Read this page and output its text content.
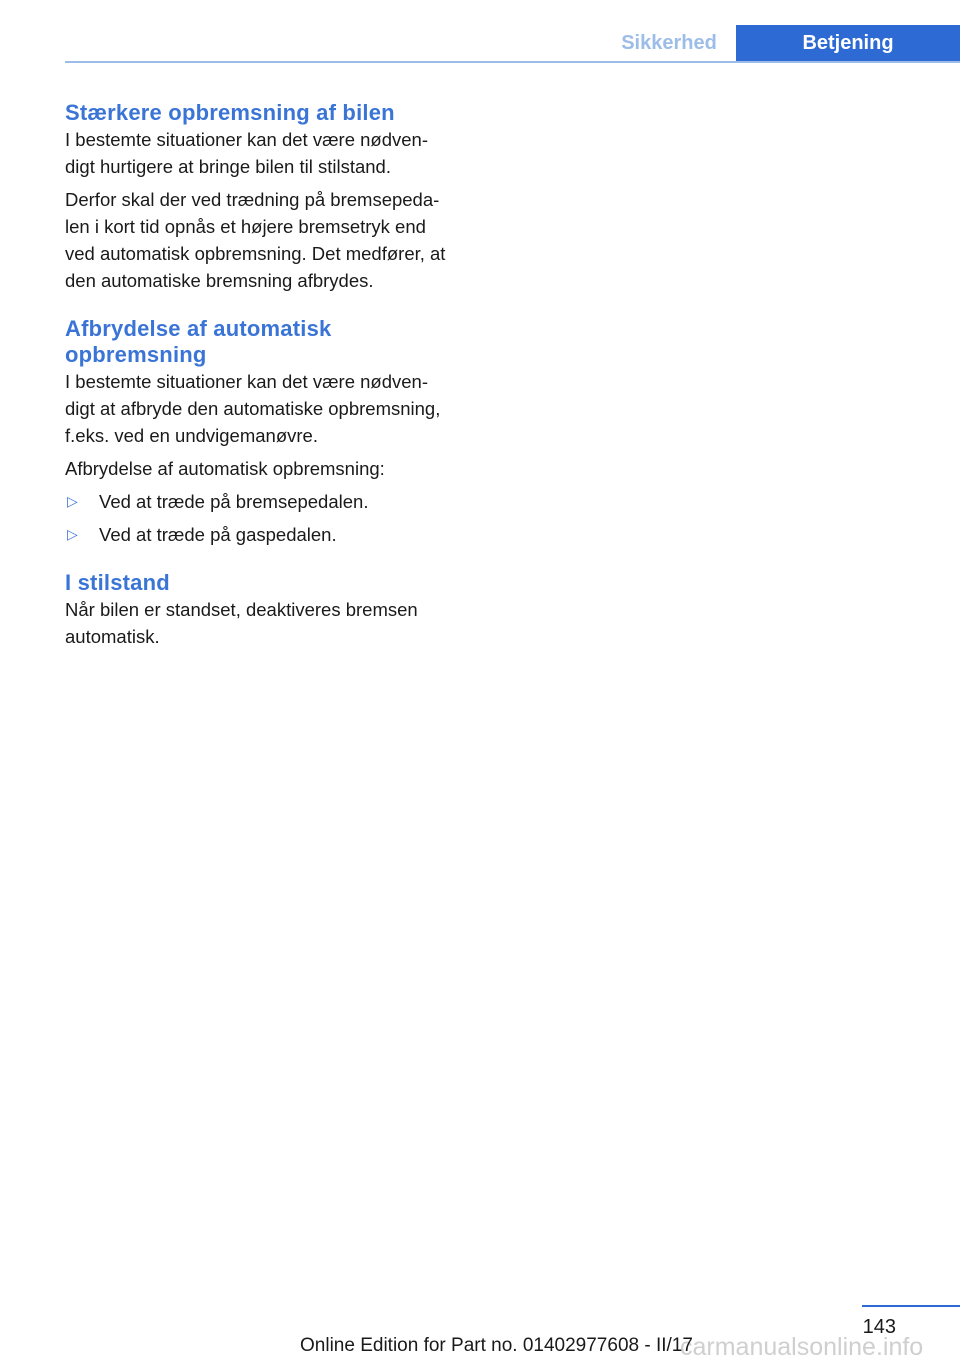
Sikkerhed	Betjening
Stærkere opbremsning af bilen

I bestemte situationer kan det være nødven-
digt hurtigere at bringe bilen til stilstand.

Derfor skal der ved trædning på bremsepeda-
len i kort tid opnås et højere bremsetryk end
ved automatisk opbremsning. Det medfører, at
den automatiske bremsning afbrydes.

Afbrydelse af automatisk
opbremsning

I bestemte situationer kan det være nødven-
digt at afbryde den automatiske opbremsning,
f.eks. ved en undvigemanøvre.

Afbrydelse af automatisk opbremsning:

▷ Ved at træde på bremsepedalen.
▷ Ved at træde på gaspedalen.
I stilstand

Når bilen er standset, deaktiveres bremsen
automatisk.

143
carmanualsonline.info
Online Edition for Part no. 01402977608 - II/17
